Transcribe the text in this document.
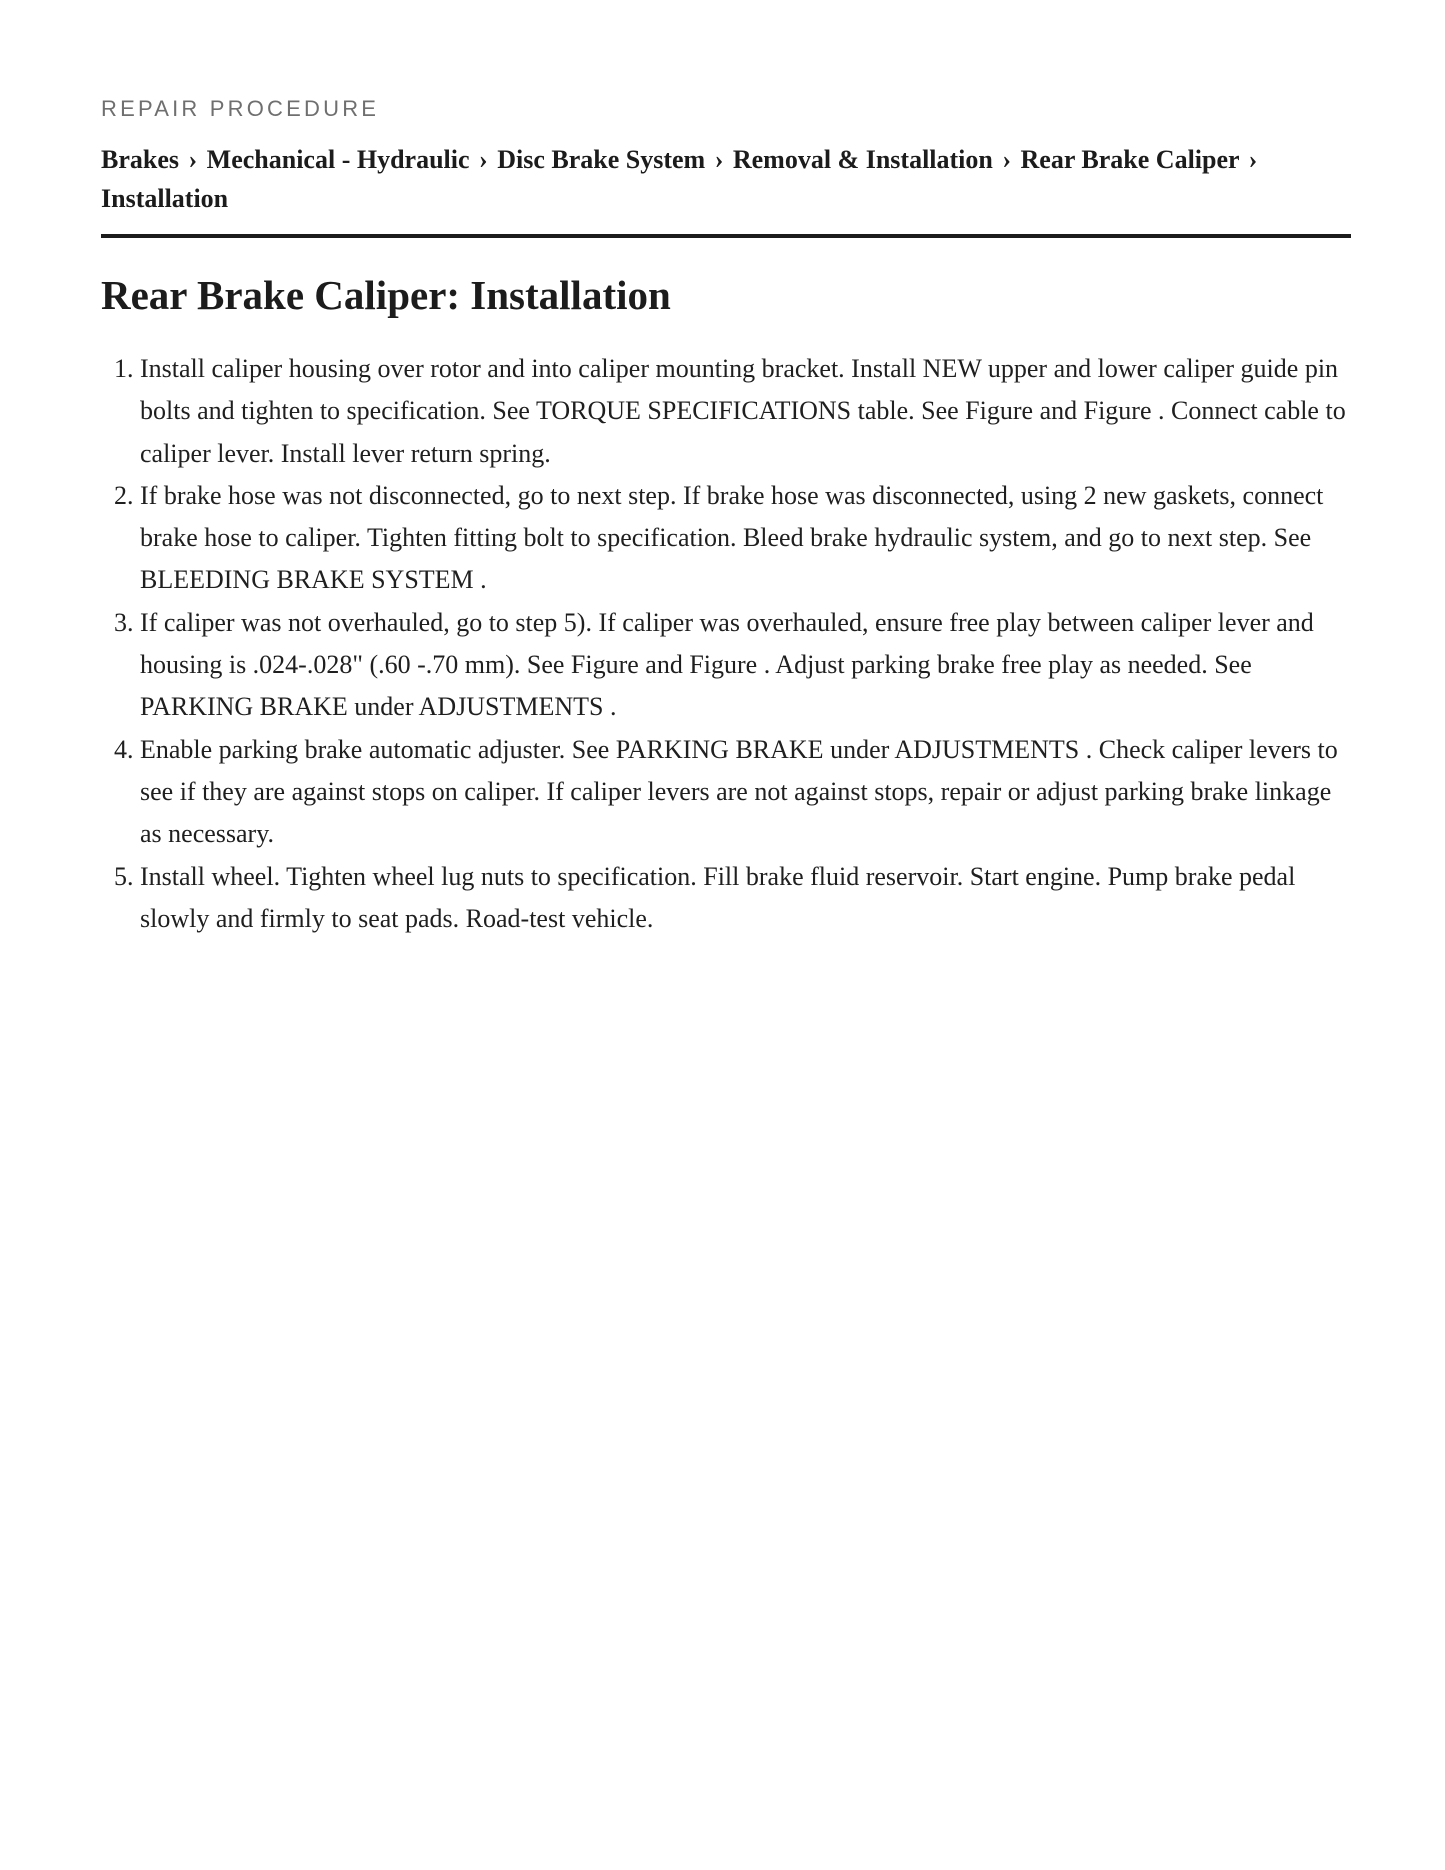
REPAIR PROCEDURE
Brakes › Mechanical - Hydraulic › Disc Brake System › Removal & Installation › Rear Brake Caliper › Installation
Rear Brake Caliper: Installation
1. Install caliper housing over rotor and into caliper mounting bracket. Install NEW upper and lower caliper guide pin bolts and tighten to specification. See TORQUE SPECIFICATIONS table. See Figure and Figure . Connect cable to caliper lever. Install lever return spring.
2. If brake hose was not disconnected, go to next step. If brake hose was disconnected, using 2 new gaskets, connect brake hose to caliper. Tighten fitting bolt to specification. Bleed brake hydraulic system, and go to next step. See BLEEDING BRAKE SYSTEM .
3. If caliper was not overhauled, go to step 5). If caliper was overhauled, ensure free play between caliper lever and housing is .024-.028" (.60 -.70 mm). See Figure and Figure . Adjust parking brake free play as needed. See PARKING BRAKE under ADJUSTMENTS .
4. Enable parking brake automatic adjuster. See PARKING BRAKE under ADJUSTMENTS . Check caliper levers to see if they are against stops on caliper. If caliper levers are not against stops, repair or adjust parking brake linkage as necessary.
5. Install wheel. Tighten wheel lug nuts to specification. Fill brake fluid reservoir. Start engine. Pump brake pedal slowly and firmly to seat pads. Road-test vehicle.
